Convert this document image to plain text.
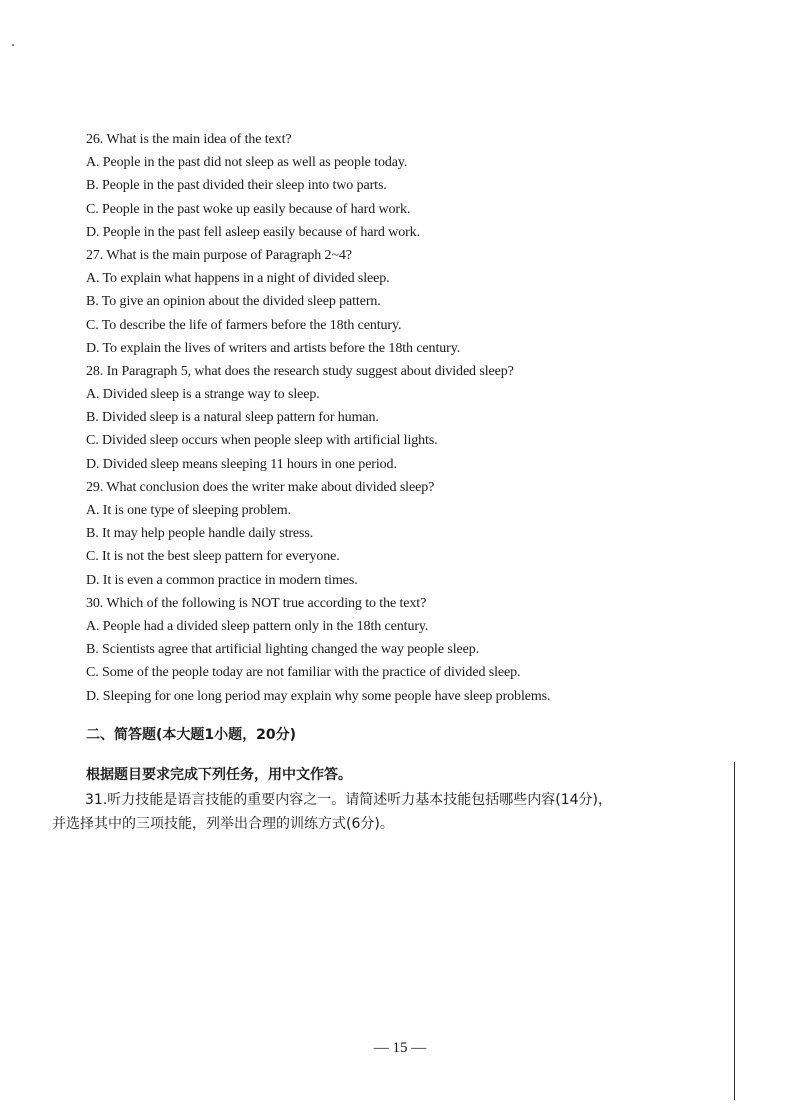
26. What is the main idea of the text?
A. People in the past did not sleep as well as people today.
B. People in the past divided their sleep into two parts.
C. People in the past woke up easily because of hard work.
D. People in the past fell asleep easily because of hard work.
27. What is the main purpose of Paragraph 2~4?
A. To explain what happens in a night of divided sleep.
B. To give an opinion about the divided sleep pattern.
C. To describe the life of farmers before the 18th century.
D. To explain the lives of writers and artists before the 18th century.
28. In Paragraph 5, what does the research study suggest about divided sleep?
A. Divided sleep is a strange way to sleep.
B. Divided sleep is a natural sleep pattern for human.
C. Divided sleep occurs when people sleep with artificial lights.
D. Divided sleep means sleeping 11 hours in one period.
29. What conclusion does the writer make about divided sleep?
A. It is one type of sleeping problem.
B. It may help people handle daily stress.
C. It is not the best sleep pattern for everyone.
D. It is even a common practice in modern times.
30. Which of the following is NOT true according to the text?
A. People had a divided sleep pattern only in the 18th century.
B. Scientists agree that artificial lighting changed the way people sleep.
C. Some of the people today are not familiar with the practice of divided sleep.
D. Sleeping for one long period may explain why some people have sleep problems.
二、简答题(本大题1小题，20分)
根据题目要求完成下列任务，用中文作答。
31.听力技能是语言技能的重要内容之一。请简述听力基本技能包括哪些内容(14分)，
并选择其中的三项技能，列举出合理的训练方式(6分)。
— 15 —
